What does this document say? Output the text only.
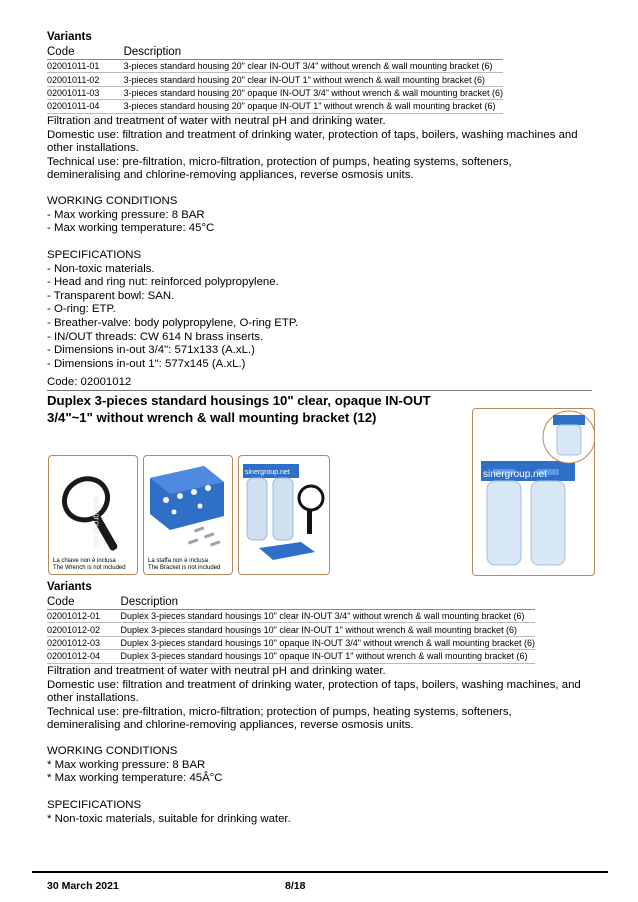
Variants
Code	Description
02001011-01	3-pieces standard housing 20" clear IN-OUT 3/4" without wrench & wall mounting bracket (6)
02001011-02	3-pieces standard housing 20" clear IN-OUT 1" without wrench & wall mounting bracket (6)
02001011-03	3-pieces standard housing 20" opaque IN-OUT 3/4" without wrench & wall mounting bracket (6)
02001011-04	3-pieces standard housing 20" opaque IN-OUT 1" without wrench & wall mounting bracket (6)

Filtration and treatment of water with neutral pH and drinking water.

Domestic use: filtration and treatment of drinking water, protection of taps, boilers, washing machines and

other installations.

Technical use: pre-filtration, micro-filtration, protection of pumps, heating systems, softeners,

demineralising and chlorine-removing appliances, reverse osmosis units.

WORKING CONDITIONS

- Max working pressure: 8 BAR

- Max working temperature: 45°C

SPECIFICATIONS

- Non-toxic materials.

- Head and ring nut: reinforced polypropylene.

- Transparent bowl: SAN.

- O-ring: ETP.

- Breather-valve: body polypropylene, O-ring ETP.

- IN/OUT threads: CW 614 N brass inserts.

- Dimensions in-out 3/4": 571x133 (A.xL.)

- Dimensions in-out 1": 577x145 (A.xL.)

Code: 02001012
Duplex 3-pieces standard housings 10" clear, opaque IN-OUT
3/4"~1" without wrench & wall mounting bracket (12)
sinergroup.net
La chiave non è inclusa
The Wrench is not included
La staffa non è inclusa
The Bracket is not included
sinergroup.net	sinergroup.net
Variants
Code	Description
02001012-01	Duplex 3-pieces standard housings 10" clear IN-OUT 3/4" without wrench & wall mounting bracket (6)
02001012-02	Duplex 3-pieces standard housings 10" clear IN-OUT 1" without wrench & wall mounting bracket (6)
02001012-03	Duplex 3-pieces standard housings 10" opaque IN-OUT 3/4" without wrench & wall mounting bracket (6)
02001012-04	Duplex 3-pieces standard housings 10" opaque IN-OUT 1" without wrench & wall mounting bracket (6)

Filtration and treatment of water with neutral pH and drinking water.

Domestic use: filtration and treatment of drinking water, protection of taps, boilers, washing machines, and

other installations.

Technical use: pre-filtration, micro-filtration; protection of pumps, heating systems, softeners,

demineralising and chlorine-removing appliances, reverse osmosis units.

WORKING CONDITIONS

* Max working pressure: 8 BAR

* Max working temperature: 45Â°C

SPECIFICATIONS

* Non-toxic materials, suitable for drinking water.

30 March 2021	8/18
